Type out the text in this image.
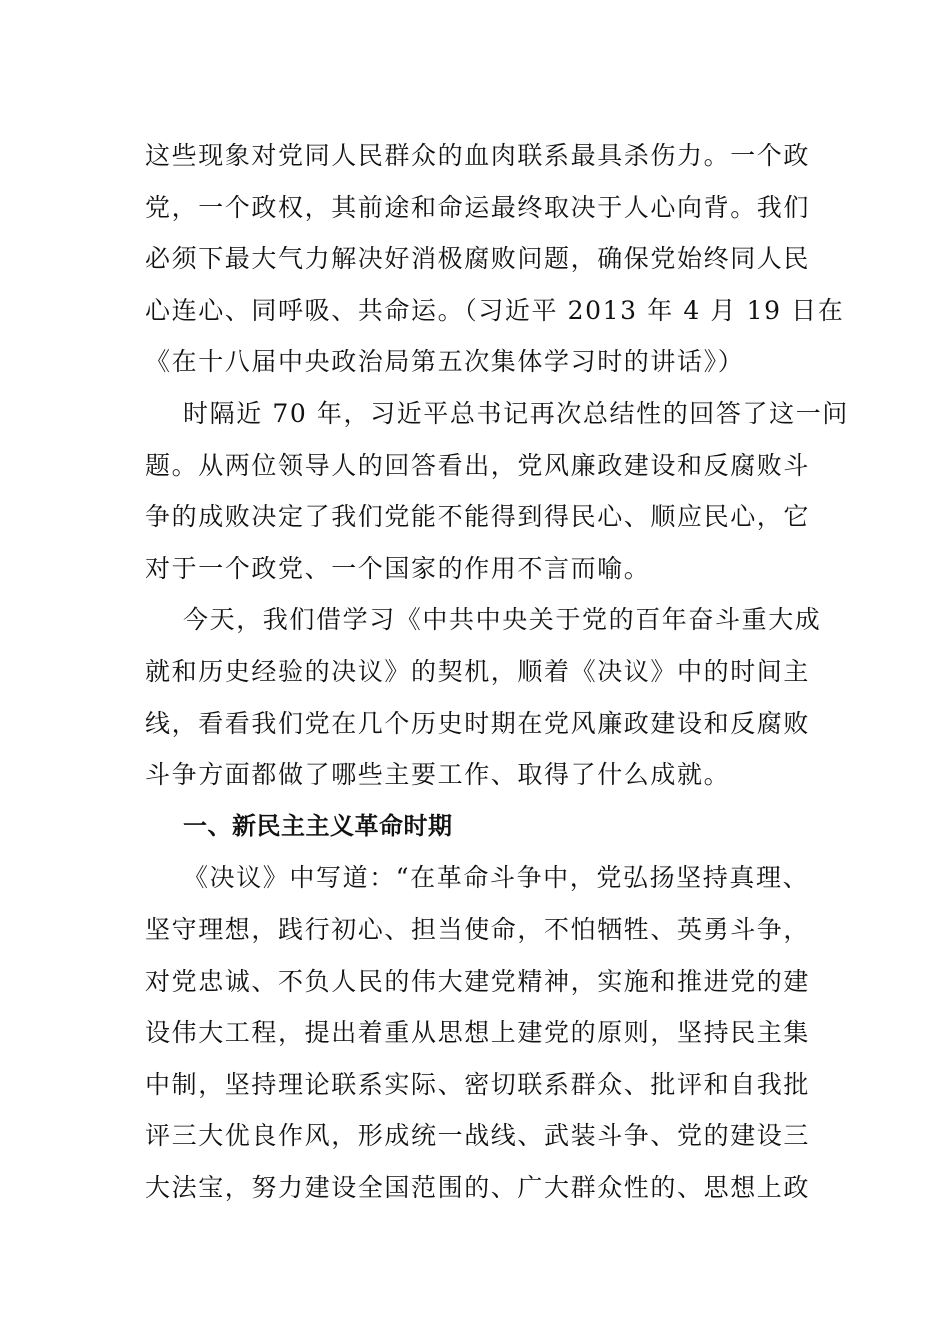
这些现象对党同人民群众的血肉联系最具杀伤力。一个政
党，一个政权，其前途和命运最终取决于人心向背。我们
必须下最大气力解决好消极腐败问题，确保党始终同人民
心连心、同呼吸、共命运。（习近平 2013 年 4 月 19 日在
《在十八届中央政治局第五次集体学习时的讲话》）
时隔近 70 年，习近平总书记再次总结性的回答了这一问
题。从两位领导人的回答看出，党风廉政建设和反腐败斗
争的成败决定了我们党能不能得到得民心、顺应民心，它
对于一个政党、一个国家的作用不言而喻。
今天，我们借学习《中共中央关于党的百年奋斗重大成
就和历史经验的决议》的契机，顺着《决议》中的时间主
线，看看我们党在几个历史时期在党风廉政建设和反腐败
斗争方面都做了哪些主要工作、取得了什么成就。
一、新民主主义革命时期
《决议》中写道：“在革命斗争中，党弘扬坚持真理、
坚守理想，践行初心、担当使命，不怕牺牲、英勇斗争，
对党忠诚、不负人民的伟大建党精神，实施和推进党的建
设伟大工程，提出着重从思想上建党的原则，坚持民主集
中制，坚持理论联系实际、密切联系群众、批评和自我批
评三大优良作风，形成统一战线、武装斗争、党的建设三
大法宝，努力建设全国范围的、广大群众性的、思想上政
